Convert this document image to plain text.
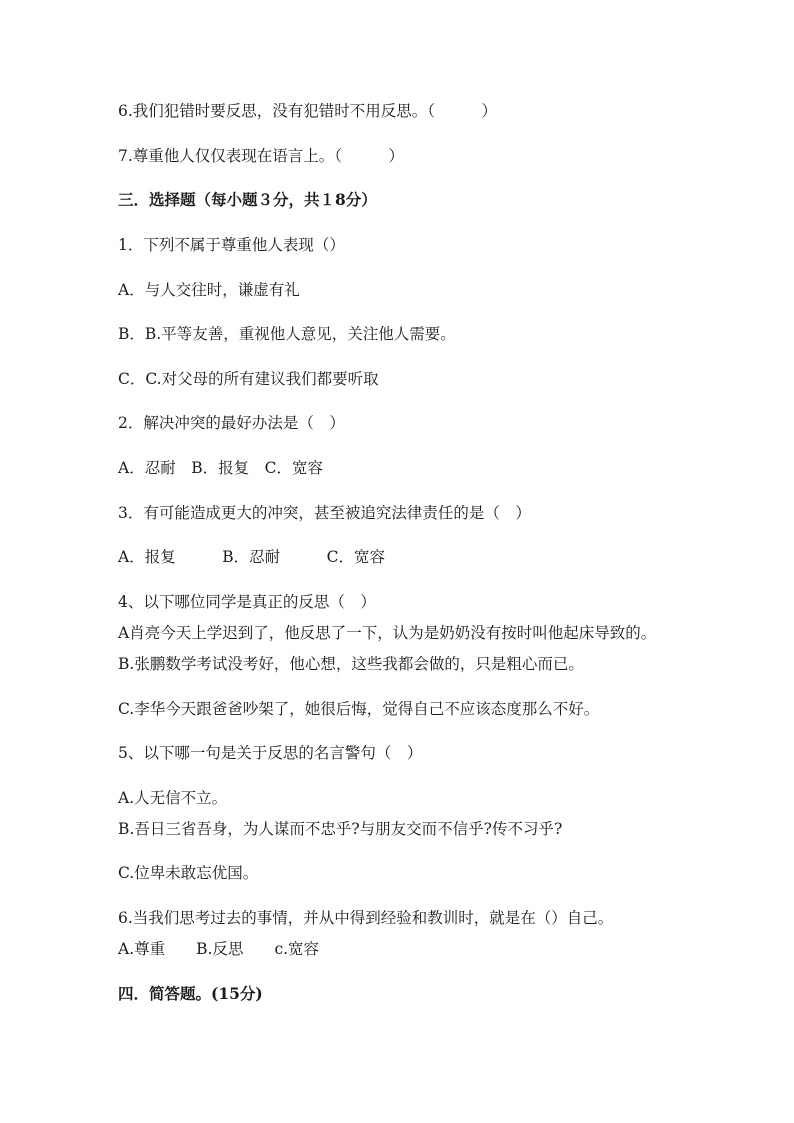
6.我们犯错时要反思，没有犯错时不用反思。（　　　）
7.尊重他人仅仅表现在语言上。（　　　）
三．选择题（每小题３分，共１8分）
1．下列不属于尊重他人表现（）
A．与人交往时，谦虚有礼
B．B.平等友善，重视他人意见，关注他人需要。
C．C.对父母的所有建议我们都要听取
2．解决冲突的最好办法是（　）
A．忍耐　B．报复　C．宽容
3．有可能造成更大的冲突，甚至被追究法律责任的是（　）
A．报复　　　B．忍耐　　　C．宽容
4、以下哪位同学是真正的反思（　）
A肖亮今天上学迟到了，他反思了一下，认为是奶奶没有按时叫他起床导致的。
B.张鹏数学考试没考好，他心想，这些我都会做的，只是粗心而已。
C.李华今天跟爸爸吵架了，她很后悔，觉得自己不应该态度那么不好。
5、以下哪一句是关于反思的名言警句（　）
A.人无信不立。
B.吾日三省吾身，为人谋而不忠乎?与朋友交而不信乎?传不习乎?
C.位卑未敢忘优国。
6.当我们思考过去的事情，并从中得到经验和教训时，就是在（）自己。
A.尊重　　B.反思　　c.宽容
四．简答题。(15分)
